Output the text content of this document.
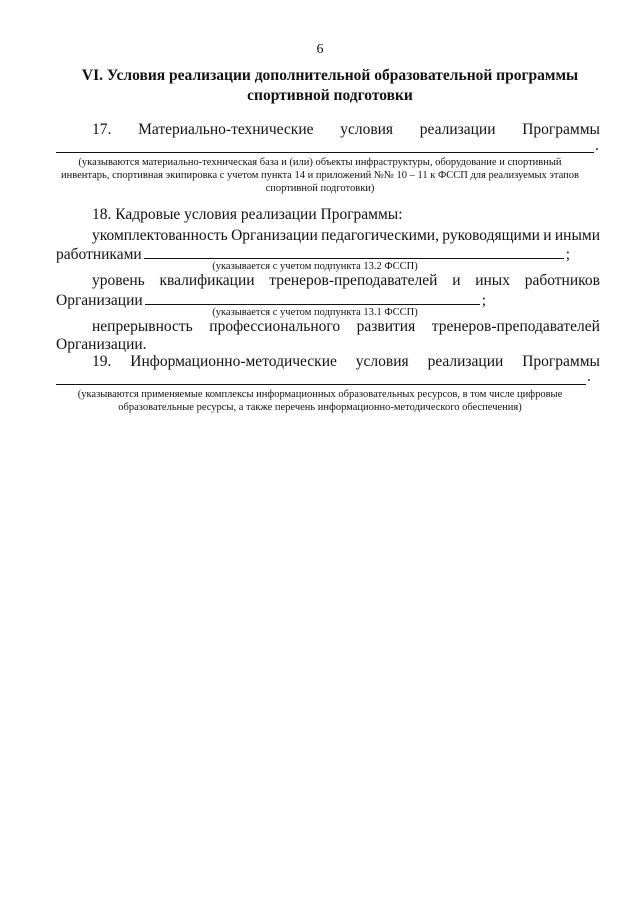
6
VI. Условия реализации дополнительной образовательной программы
спортивной подготовки
17. Материально-технические условия реализации Программы
.
(указываются материально-техническая база и (или) объекты инфраструктуры, оборудование и спортивный
инвентарь, спортивная экипировка с учетом пункта 14 и приложений №№ 10 – 11 к ФССП для реализуемых этапов
спортивной подготовки)
18. Кадровые условия реализации Программы:
укомплектованность Организации педагогическими, руководящими и иными
работниками	;
(указывается с учетом подпункта 13.2 ФССП)
уровень квалификации тренеров-преподавателей и иных работников
Организации	;
(указывается с учетом подпункта 13.1 ФССП)
непрерывность профессионального развития тренеров-преподавателей
Организации.
19. Информационно-методические условия реализации Программы
.
(указываются применяемые комплексы информационных образовательных ресурсов, в том числе цифровые
образовательные ресурсы, а также перечень информационно-методического обеспечения)
